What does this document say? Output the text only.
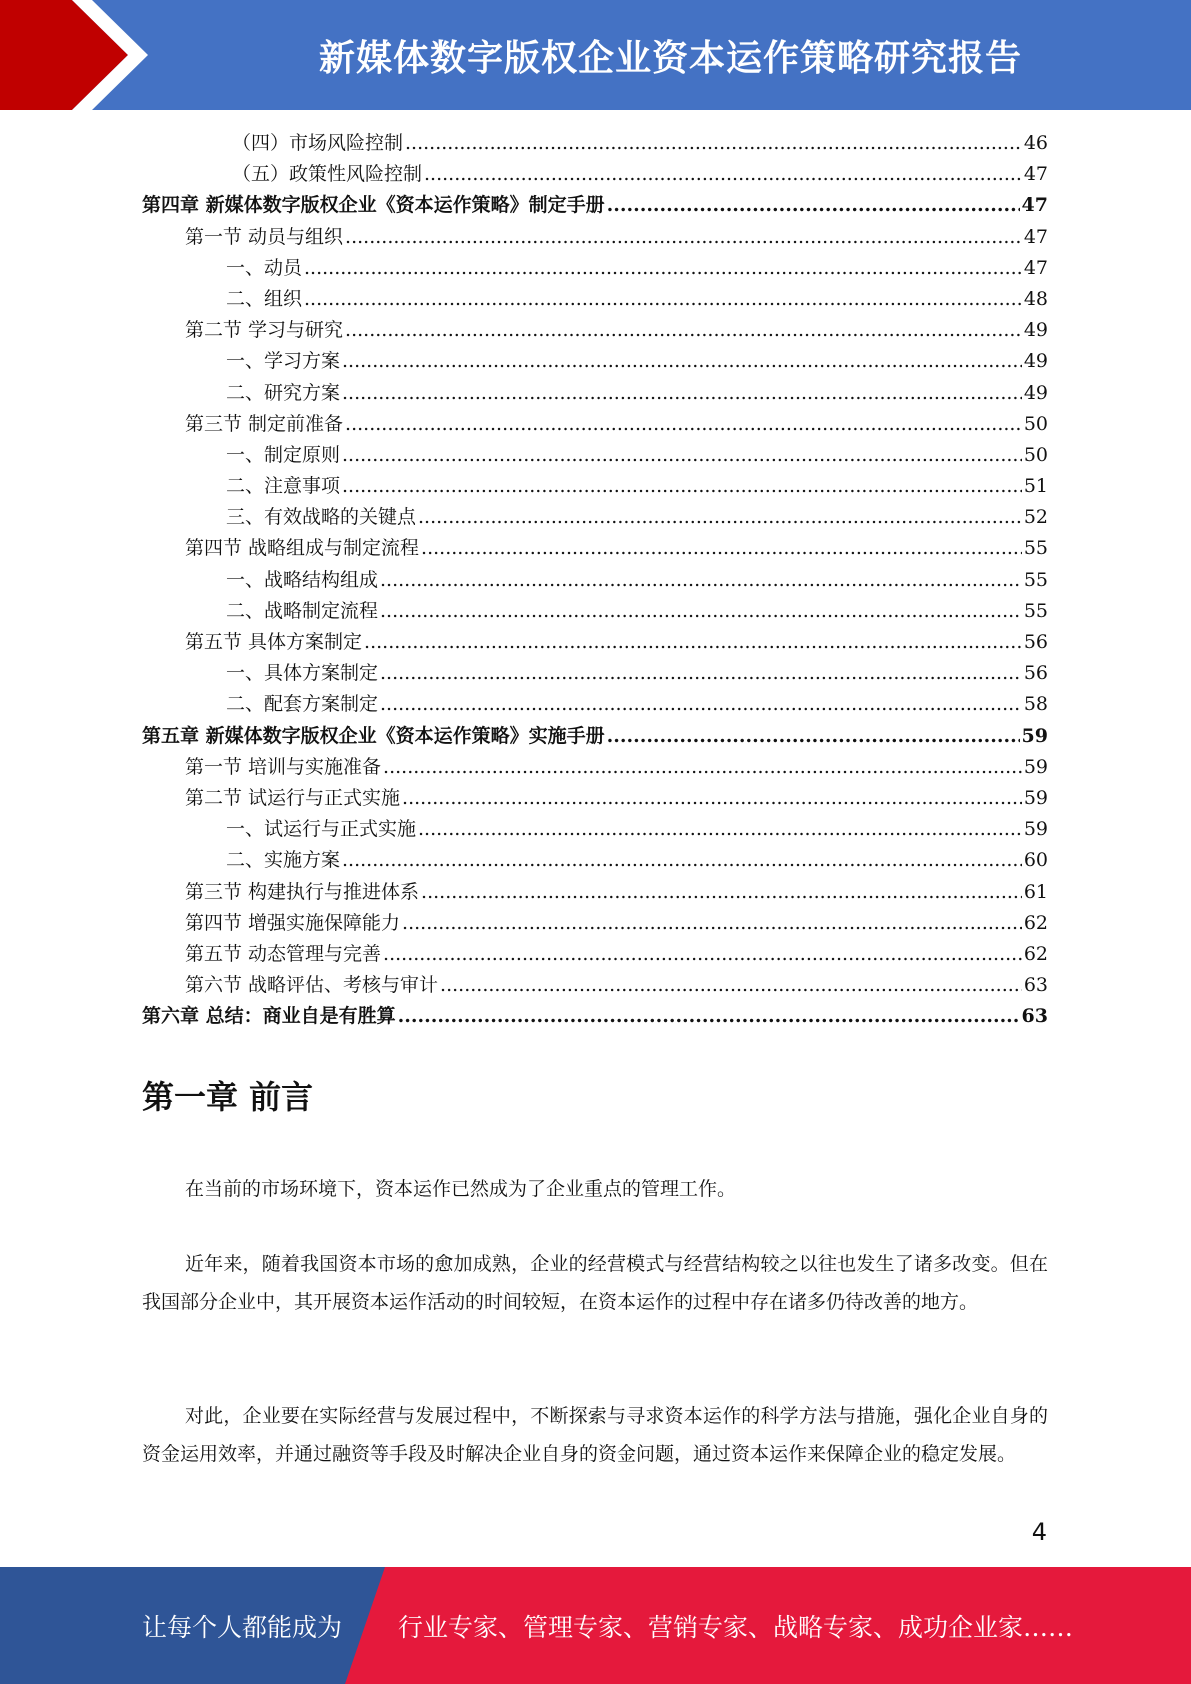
新媒体数字版权企业资本运作策略研究报告
（四）市场风险控制 .....	46
（五）政策性风险控制 .....	47
第四章 新媒体数字版权企业《资本运作策略》制定手册 .....	47
第一节 动员与组织 .....	47
一、动员 .....	47
二、组织 .....	48
第二节 学习与研究 .....	49
一、学习方案 .....	49
二、研究方案 .....	49
第三节 制定前准备 .....	50
一、制定原则 .....	50
二、注意事项 .....	51
三、有效战略的关键点 .....	52
第四节 战略组成与制定流程 .....	55
一、战略结构组成 .....	55
二、战略制定流程 .....	55
第五节 具体方案制定 .....	56
一、具体方案制定 .....	56
二、配套方案制定 .....	58
第五章 新媒体数字版权企业《资本运作策略》实施手册 .....	59
第一节 培训与实施准备 .....	59
第二节 试运行与正式实施 .....	59
一、试运行与正式实施 .....	59
二、实施方案 .....	60
第三节 构建执行与推进体系 .....	61
第四节 增强实施保障能力 .....	62
第五节 动态管理与完善 .....	62
第六节 战略评估、考核与审计 .....	63
第六章 总结：商业自是有胜算 .....	63
第一章 前言
在当前的市场环境下，资本运作已然成为了企业重点的管理工作。
近年来，随着我国资本市场的愈加成熟，企业的经营模式与经营结构较之以往也发生了诸多改变。但在我国部分企业中，其开展资本运作活动的时间较短，在资本运作的过程中存在诸多仍待改善的地方。
对此，企业要在实际经营与发展过程中，不断探索与寻求资本运作的科学方法与措施，强化企业自身的资金运用效率，并通过融资等手段及时解决企业自身的资金问题，通过资本运作来保障企业的稳定发展。
4
让每个人都能成为 行业专家、管理专家、营销专家、战略专家、成功企业家……
